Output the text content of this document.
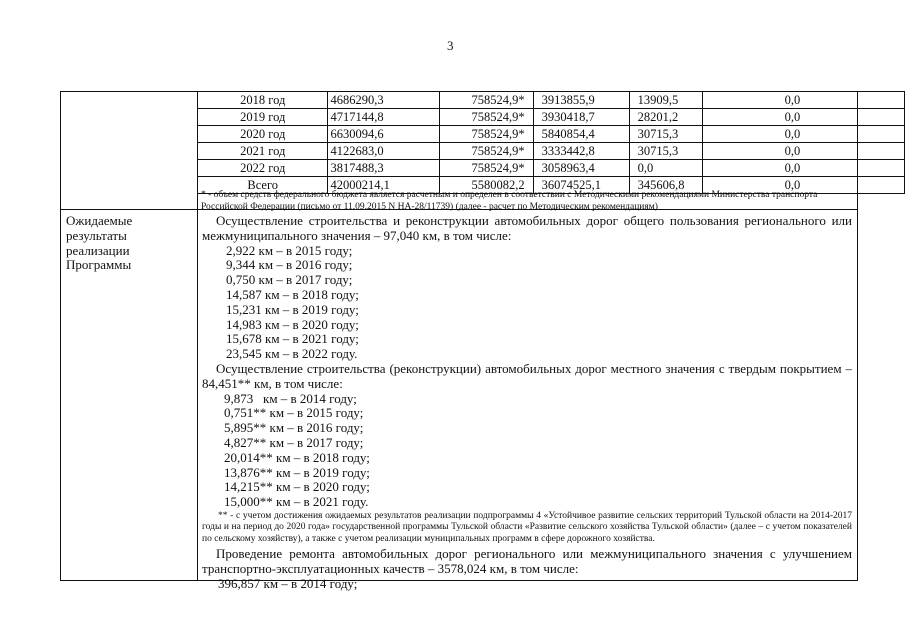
3
2018 год	4686290,3	758524,9*	3913855,9	13909,5	0,0
2019 год	4717144,8	758524,9*	3930418,7	28201,2	0,0
2020 год	6630094,6	758524,9*	5840854,4	30715,3	0,0
2021 год	4122683,0	758524,9*	3333442,8	30715,3	0,0
2022 год	3817488,3	758524,9*	3058963,4	0,0	0,0
Всего	42000214,1	5580082,2	36074525,1	345606,8	0,0
* - объем средств федерального бюджета является расчетным и определен в соответствии с Методическими рекомендациями Министерства транспорта Российской Федерации (письмо от 11.09.2015 N НА-28/11739) (далее - расчет по Методическим рекомендациям)
Ожидаемые результаты реализации Программы

Осуществление строительства и реконструкции автомобильных дорог общего пользования регионального или межмуниципального значения – 97,040 км, в том числе:

2,922 км – в 2015 году;

9,344 км – в 2016 году;

0,750 км – в 2017 году;

14,587 км – в 2018 году;

15,231 км – в 2019 году;

14,983 км – в 2020 году;

15,678 км – в 2021 году;

23,545 км – в 2022 году.

Осуществление строительства (реконструкции) автомобильных дорог местного значения с твердым покрытием – 84,451** км, в том числе:

9,873   км – в 2014 году;

0,751** км – в 2015 году;

5,895** км – в 2016 году;

4,827** км – в 2017 году;

20,014** км – в 2018 году;

13,876** км – в 2019 году;

14,215** км – в 2020 году;

15,000** км – в 2021 году.

** - с учетом достижения ожидаемых результатов реализации подпрограммы 4 «Устойчивое развитие сельских территорий Тульской области на 2014-2017 годы и на период до 2020 года» государственной программы Тульской области «Развитие сельского хозяйства Тульской области» (далее – с учетом показателей по сельскому хозяйству), а также с учетом реализации муниципальных программ в сфере дорожного хозяйства.

Проведение ремонта автомобильных дорог регионального или межмуниципального значения с улучшением транспортно-эксплуатационных качеств – 3578,024 км, в том числе:

396,857 км – в 2014 году;
